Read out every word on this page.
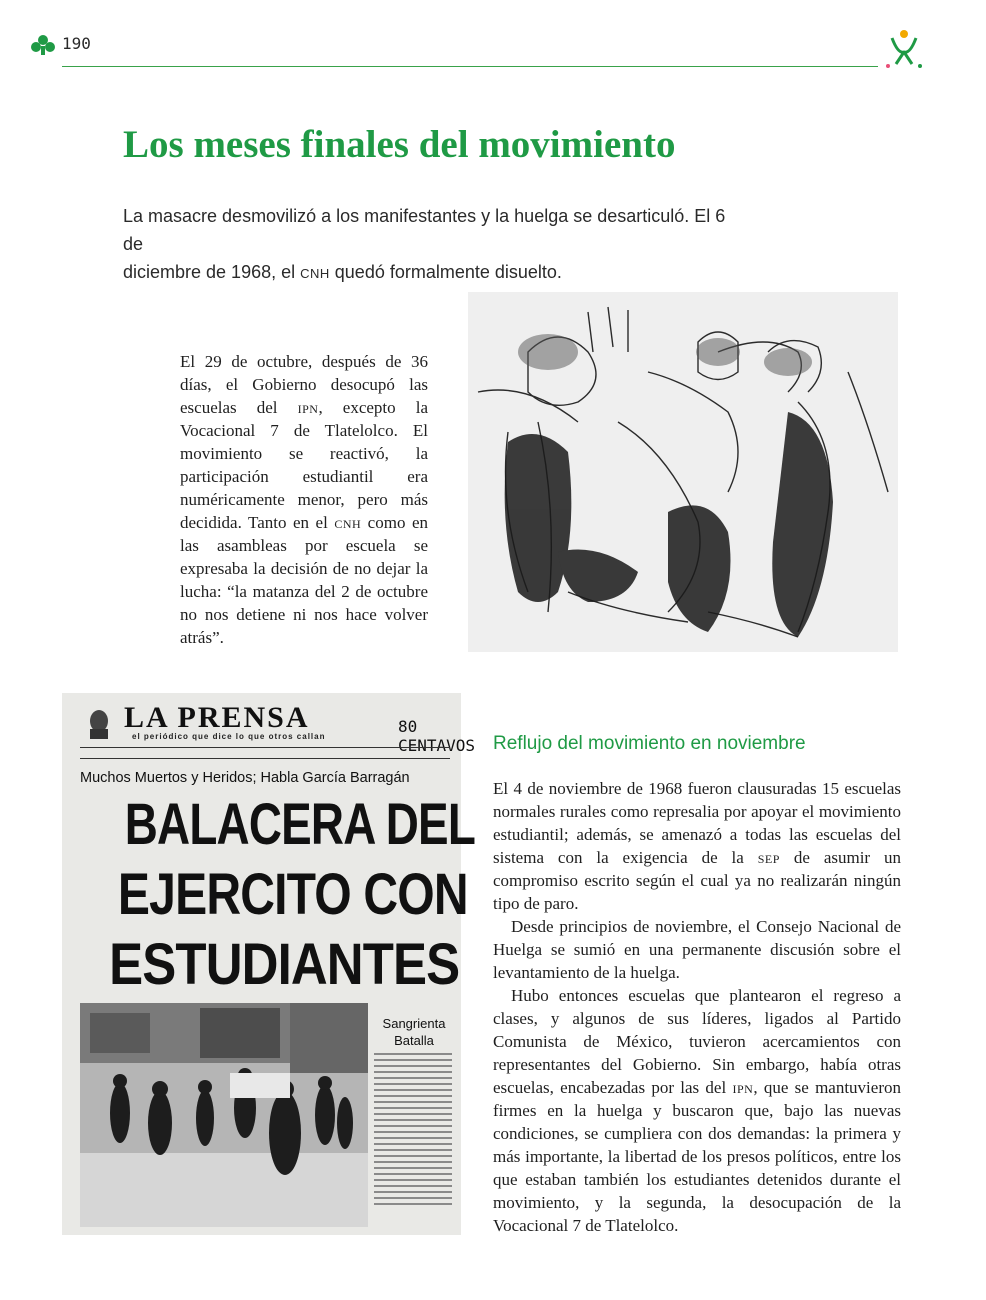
190
Los meses finales del movimiento

La masacre desmovilizó a los manifestantes y la huelga se desarticuló. El 6 de
diciembre de 1968, el cnh quedó formalmente disuelto.

El 29 de octubre, después de 36 días, el Gobierno desocupó las escuelas del ipn, excepto la Vocacional 7 de Tlatelolco. El movimiento se reactivó, la participación estudiantil era numéricamente menor, pero más decidida. Tanto en el cnh como en las asambleas por escuela se expresaba la decisión de no dejar la lucha: “la matanza del 2 de octubre no nos detiene ni nos hace volver atrás”.

LA PRENSA	80 CENTAVOS
el periódico que dice lo que otros callan
Muchos Muertos y Heridos; Habla García Barragán
BALACERA DEL
EJERCITO CON
ESTUDIANTES
Sangrienta
Batalla
Reflujo del movimiento en noviembre

El 4 de noviembre de 1968 fueron clausuradas 15 escuelas normales rurales como represalia por apoyar el movimiento estudiantil; además, se amenazó a todas las escuelas del sistema con la exigencia de la sep de asumir un compromiso escrito según el cual ya no realizarán ningún tipo de paro.

Desde principios de noviembre, el Consejo Nacional de Huelga se sumió en una permanente discusión sobre el levantamiento de la huelga.

Hubo entonces escuelas que plantearon el regreso a clases, y algunos de sus líderes, ligados al Partido Comunista de México, tuvieron acercamientos con representantes del Gobierno. Sin embargo, había otras escuelas, encabezadas por las del ipn, que se mantuvieron firmes en la huelga y buscaron que, bajo las nuevas condiciones, se cumpliera con dos demandas: la primera y más importante, la libertad de los presos políticos, entre los que estaban también los estudiantes detenidos durante el movimiento, y la segunda, la desocupación de la Vocacional 7 de Tlatelolco.
